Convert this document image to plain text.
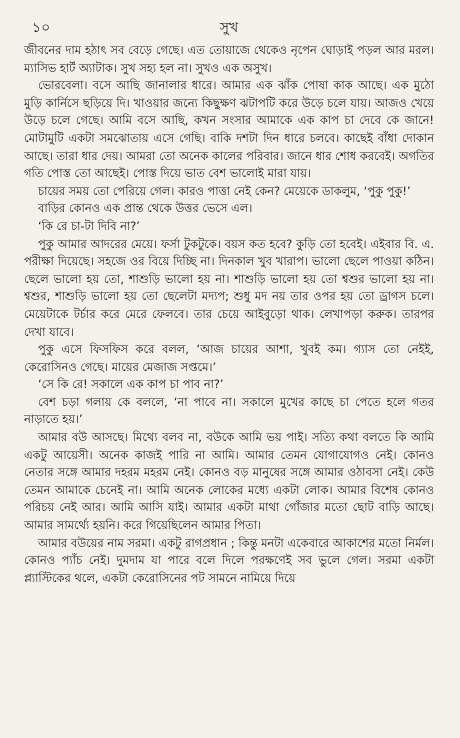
১০	সুখ

জীবনের দাম হঠাৎ সব বেড়ে গেছে। এত তোয়াজে থেকেও নৃপেন ঘোড়াই পড়ল আর মরল। ম্যাসিভ হার্ট অ্যাটাক। সুখ সহ্য হল না। সুখও এক অসুখ।

ভোরবেলা। বসে আছি জানালার ধারে। আমার এক ঝাঁক পোষা কাক আছে। এক মুঠো মুড়ি কার্নিসে ছড়িয়ে দি। খাওয়ার জন্যে কিছুক্ষণ ঝটাপটি করে উড়ে চলে যায়। আজও খেয়ে উড়ে চলে গেছে। আমি বসে আছি, কখন সংসার আমাকে এক কাপ চা দেবে কে জানে! মোটামুটি একটা সমঝোতায় এসে গেছি। বাকি দশটা দিন ধারে চলবে। কাছেই বাঁধা দোকান আছে। তারা ধার দেয়। আমরা তো অনেক কালের পরিবার। জানে ধার শোধ করবেই। অগতির গতি পোস্ত তো আছেই। পোস্ত দিয়ে ভাত বেশ ভালোই মারা যায়।

চায়ের সময় তো পেরিয়ে গেল। কারও পাত্তা নেই কেন? মেয়েকে ডাকলুম, ‘পুকু পুকু!’

বাড়ির কোনও এক প্রান্ত থেকে উত্তর ভেসে এল।

‘কি রে চা-টা দিবি না?’

পুকু আমার আদরের মেয়ে। ফর্সা টুকটুকে। বয়স কত হবে? কুড়ি তো হবেই। এইবার বি. এ. পরীক্ষা দিয়েছে। সহজে ওর বিয়ে দিচ্ছি না। দিনকাল খুব খারাপ। ভালো ছেলে পাওয়া কঠিন। ছেলে ভালো হয় তো, শাশুড়ি ভালো হয় না। শাশুড়ি ভালো হয় তো শ্বশুর ভালো হয় না। শ্বশুর, শাশুড়ি ভালো হয় তো ছেলেটা মদ্যপ; শুধু মদ নয় তার ওপর হয় তো ড্রাগস চলে। মেয়েটাকে টর্চার করে মেরে ফেলবে। তার চেয়ে আইবুড়ো থাক। লেখাপড়া করুক। তারপর দেখা যাবে।

পুকু এসে ফিসফিস করে বলল, ‘আজ চায়ের আশা, খুবই কম। গ্যাস তো নেইই, কেরোসিনও গেছে। মায়ের মেজাজ সপ্তমে।’

‘সে কি রে! সকালে এক কাপ চা পাব না?’

বেশ চড়া গলায় কে বললে, ‘না পাবে না। সকালে মুখের কাছে চা পেতে হলে গতর নাড়াতে হয়।’

আমার বউ আসছে। মিথ্যে বলব না, বউকে আমি ভয় পাই। সত্যি কথা বলতে কি আমি একটু আয়েসী। অনেক কাজই পারি না আমি। আমার তেমন যোগাযোগও নেই। কোনও নেতার সঙ্গে আমার দহরম মহরম নেই। কোনও বড় মানুষের সঙ্গে আমার ওঠাবসা নেই। কেউ তেমন আমাকে চেনেই না। আমি অনেক লোকের মধ্যে একটা লোক। আমার বিশেষ কোনও পরিচয় নেই আর। আমি আসি যাই। আমার একটা মাথা গোঁজার মতো ছোট বাড়ি আছে। আমার সামর্থ্যে হয়নি। করে গিয়েছিলেন আমার পিতা।

আমার বউয়ের নাম সরমা। একটু রাগপ্রধান ; কিন্তু মনটা একেবারে আকাশের মতো নির্মল। কোনও প্যাঁচ নেই। দুমদাম যা পারে বলে দিলে পরক্ষণেই সব ভুলে গেল। সরমা একটা প্ল্যাস্টিকের থলে, একটা কেরোসিনের পট সামনে নামিয়ে দিয়ে
